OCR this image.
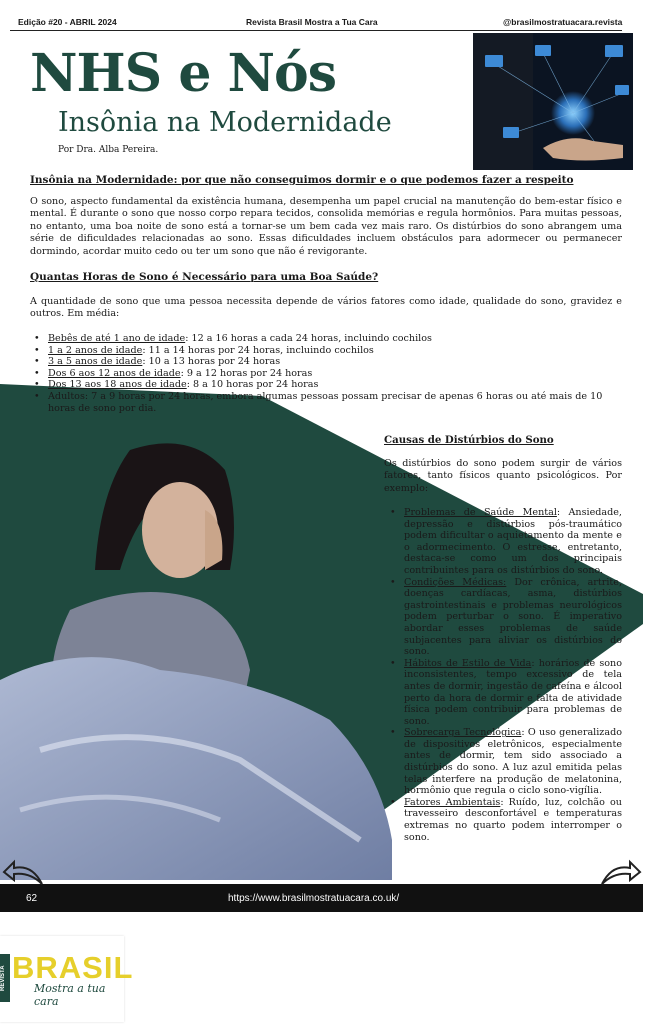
Edição #20 - ABRIL 2024	Revista Brasil Mostra a Tua Cara	@brasilmostratuacara.revista
NHS e Nós
Insônia na Modernidade
Por Dra. Alba Pereira.
Insônia na Modernidade: por que não conseguimos dormir e o que podemos fazer a respeito

O sono, aspecto fundamental da existência humana, desempenha um papel crucial na manutenção do bem-estar físico e mental. É durante o sono que nosso corpo repara tecidos, consolida memórias e regula hormônios. Para muitas pessoas, no entanto, uma boa noite de sono está a tornar-se um bem cada vez mais raro. Os distúrbios do sono abrangem uma série de dificuldades relacionadas ao sono. Essas dificuldades incluem obstáculos para adormecer ou permanecer dormindo, acordar muito cedo ou ter um sono que não é revigorante.

Quantas Horas de Sono é Necessário para uma Boa Saúde?

A quantidade de sono que uma pessoa necessita depende de vários fatores como idade, qualidade do sono, gravidez e outros. Em média:

• Bebês de até 1 ano de idade: 12 a 16 horas a cada 24 horas, incluindo cochilos
• 1 a 2 anos de idade: 11 a 14 horas por 24 horas, incluindo cochilos
• 3 a 5 anos de idade: 10 a 13 horas por 24 horas
• Dos 6 aos 12 anos de idade: 9 a 12 horas por 24 horas
• Dos 13 aos 18 anos de idade: 8 a 10 horas por 24 horas
• Adultos: 7 a 9 horas por 24 horas, embora algumas pessoas possam precisar de apenas 6 horas ou até mais de 10 horas de sono por dia.
Causas de Distúrbios do Sono

Os distúrbios do sono podem surgir de vários fatores, tanto físicos quanto psicológicos. Por exemplo:

• Problemas de Saúde Mental: Ansiedade, depressão e distúrbios pós-traumático podem dificultar o aquietamento da mente e o adormecimento. O estresse, entretanto, destaca-se como um dos principais contribuintes para os distúrbios do sono.
• Condições Médicas: Dor crônica, artrite, doenças cardíacas, asma, distúrbios gastrointestinais e problemas neurológicos podem perturbar o sono. É imperativo abordar esses problemas de saúde subjacentes para aliviar os distúrbios do sono.
• Hábitos de Estilo de Vida: horários de sono inconsistentes, tempo excessivo de tela antes de dormir, ingestão de cafeína e álcool perto da hora de dormir e falta de atividade física podem contribuir para problemas de sono.
• Sobrecarga Tecnológica: O uso generalizado de dispositivos eletrônicos, especialmente antes de dormir, tem sido associado a distúrbios do sono. A luz azul emitida pelas telas interfere na produção de melatonina, hormônio que regula o ciclo sono-vigília.
• Fatores Ambientais: Ruído, luz, colchão ou travesseiro desconfortável e temperaturas extremas no quarto podem interromper o sono.
62	https://www.brasilmostratuacara.co.uk/
REVISTA BRASIL
Mostra a tua cara
